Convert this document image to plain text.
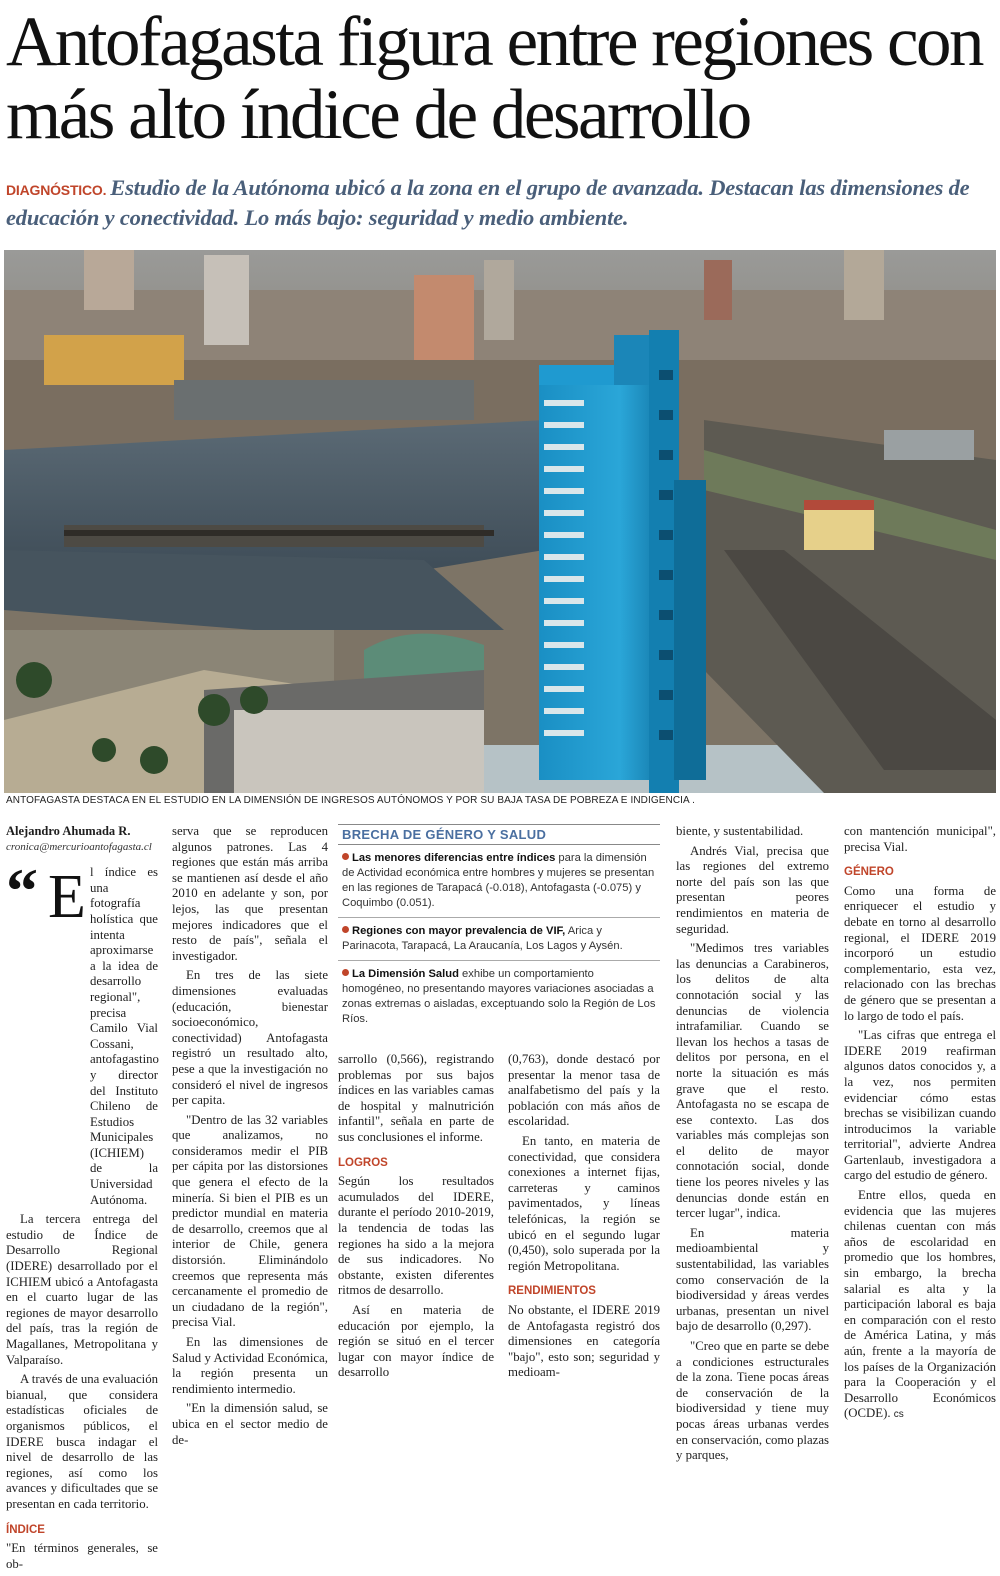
Antofagasta figura entre regiones con más alto índice de desarrollo
DIAGNÓSTICO. Estudio de la Autónoma ubicó a la zona en el grupo de avanzada. Destacan las dimensiones de educación y conectividad. Lo más bajo: seguridad y medio ambiente.
ANTOFAGASTA DESTACA EN EL ESTUDIO EN LA DIMENSIÓN DE INGRESOS AUTÓNOMOS Y POR SU BAJA TASA DE POBREZA E INDIGENCIA .
Alejandro Ahumada R.
cronica@mercurioantofagasta.cl
“ E l índice es una fotografía holística que intenta aproximarse a la idea de desarrollo regional", precisa Camilo Vial Cossani, antofagastino y director del Instituto Chileno de Estudios Municipales (ICHIEM) de la Universidad Autónoma.

La tercera entrega del estudio de Índice de Desarrollo Regional (IDERE) desarrollado por el ICHIEM ubicó a Antofagasta en el cuarto lugar de las regiones de mayor desarrollo del país, tras la región de Magallanes, Metropolitana y Valparaíso.

A través de una evaluación bianual, que considera estadísticas oficiales de organismos públicos, el IDERE busca indagar el nivel de desarrollo de las regiones, así como los avances y dificultades que se presentan en cada territorio.

ÍNDICE

"En términos generales, se ob-

serva que se reproducen algunos patrones. Las 4 regiones que están más arriba se mantienen así desde el año 2010 en adelante y son, por lejos, las que presentan mejores indicadores que el resto de país", señala el investigador.

En tres de las siete dimensiones evaluadas (educación, bienestar socioeconómico, conectividad) Antofagasta registró un resultado alto, pese a que la investigación no consideró el nivel de ingresos per capita.

"Dentro de las 32 variables que analizamos, no consideramos medir el PIB per cápita por las distorsiones que genera el efecto de la minería. Si bien el PIB es un predictor mundial en materia de desarrollo, creemos que al interior de Chile, genera distorsión. Eliminándolo creemos que representa más cercanamente el promedio de un ciudadano de la región", precisa Vial.

En las dimensiones de Salud y Actividad Económica, la región presenta un rendimiento intermedio.

"En la dimensión salud, se ubica en el sector medio de de-

BRECHA DE GÉNERO Y SALUD
Las menores diferencias entre índices para la dimensión de Actividad económica entre hombres y mujeres se presentan en las regiones de Tarapacá (-0.018), Antofagasta (-0.075) y Coquimbo (0.051).
Regiones con mayor prevalencia de VIF, Arica y Parinacota, Tarapacá, La Araucanía, Los Lagos y Aysén.
La Dimensión Salud exhibe un comportamiento homogéneo, no presentando mayores variaciones asociadas a zonas extremas o aisladas, exceptuando solo la Región de Los Ríos.

sarrollo (0,566), registrando problemas por sus bajos índices en las variables camas de hospital y malnutrición infantil", señala en parte de sus conclusiones el informe.

LOGROS

Según los resultados acumulados del IDERE, durante el período 2010-2019, la tendencia de todas las regiones ha sido a la mejora de sus indicadores. No obstante, existen diferentes ritmos de desarrollo.

Así en materia de educación por ejemplo, la región se situó en el tercer lugar con mayor índice de desarrollo

(0,763), donde destacó por presentar la menor tasa de analfabetismo del país y la población con más años de escolaridad.

En tanto, en materia de conectividad, que considera conexiones a internet fijas, carreteras y caminos pavimentados, y líneas telefónicas, la región se ubicó en el segundo lugar (0,450), solo superada por la región Metropolitana.

RENDIMIENTOS

No obstante, el IDERE 2019 de Antofagasta registró dos dimensiones en categoría "bajo", esto son; seguridad y medioam-

biente, y sustentabilidad.

Andrés Vial, precisa que las regiones del extremo norte del país son las que presentan peores rendimientos en materia de seguridad.

"Medimos tres variables las denuncias a Carabineros, los delitos de alta connotación social y las denuncias de violencia intrafamiliar. Cuando se llevan los hechos a tasas de delitos por persona, en el norte la situación es más grave que el resto. Antofagasta no se escapa de ese contexto. Las dos variables más complejas son el delito de mayor connotación social, donde tiene los peores niveles y las denuncias donde están en tercer lugar", indica.

En materia medioambiental y sustentabilidad, las variables como conservación de la biodiversidad y áreas verdes urbanas, presentan un nivel bajo de desarrollo (0,297).

"Creo que en parte se debe a condiciones estructurales de la zona. Tiene pocas áreas de conservación de la biodiversidad y tiene muy pocas áreas urbanas verdes en conservación, como plazas y parques,

con mantención municipal", precisa Vial.

GÉNERO

Como una forma de enriquecer el estudio y debate en torno al desarrollo regional, el IDERE 2019 incorporó un estudio complementario, esta vez, relacionado con las brechas de género que se presentan a lo largo de todo el país.

"Las cifras que entrega el IDERE 2019 reafirman algunos datos conocidos y, a la vez, nos permiten evidenciar cómo estas brechas se visibilizan cuando introducimos la variable territorial", advierte Andrea Gartenlaub, investigadora a cargo del estudio de género.

Entre ellos, queda en evidencia que las mujeres chilenas cuentan con más años de escolaridad en promedio que los hombres, sin embargo, la brecha salarial es alta y la participación laboral es baja en comparación con el resto de América Latina, y más aún, frente a la mayoría de los países de la Organización para la Cooperación y el Desarrollo Económicos (OCDE). cs
